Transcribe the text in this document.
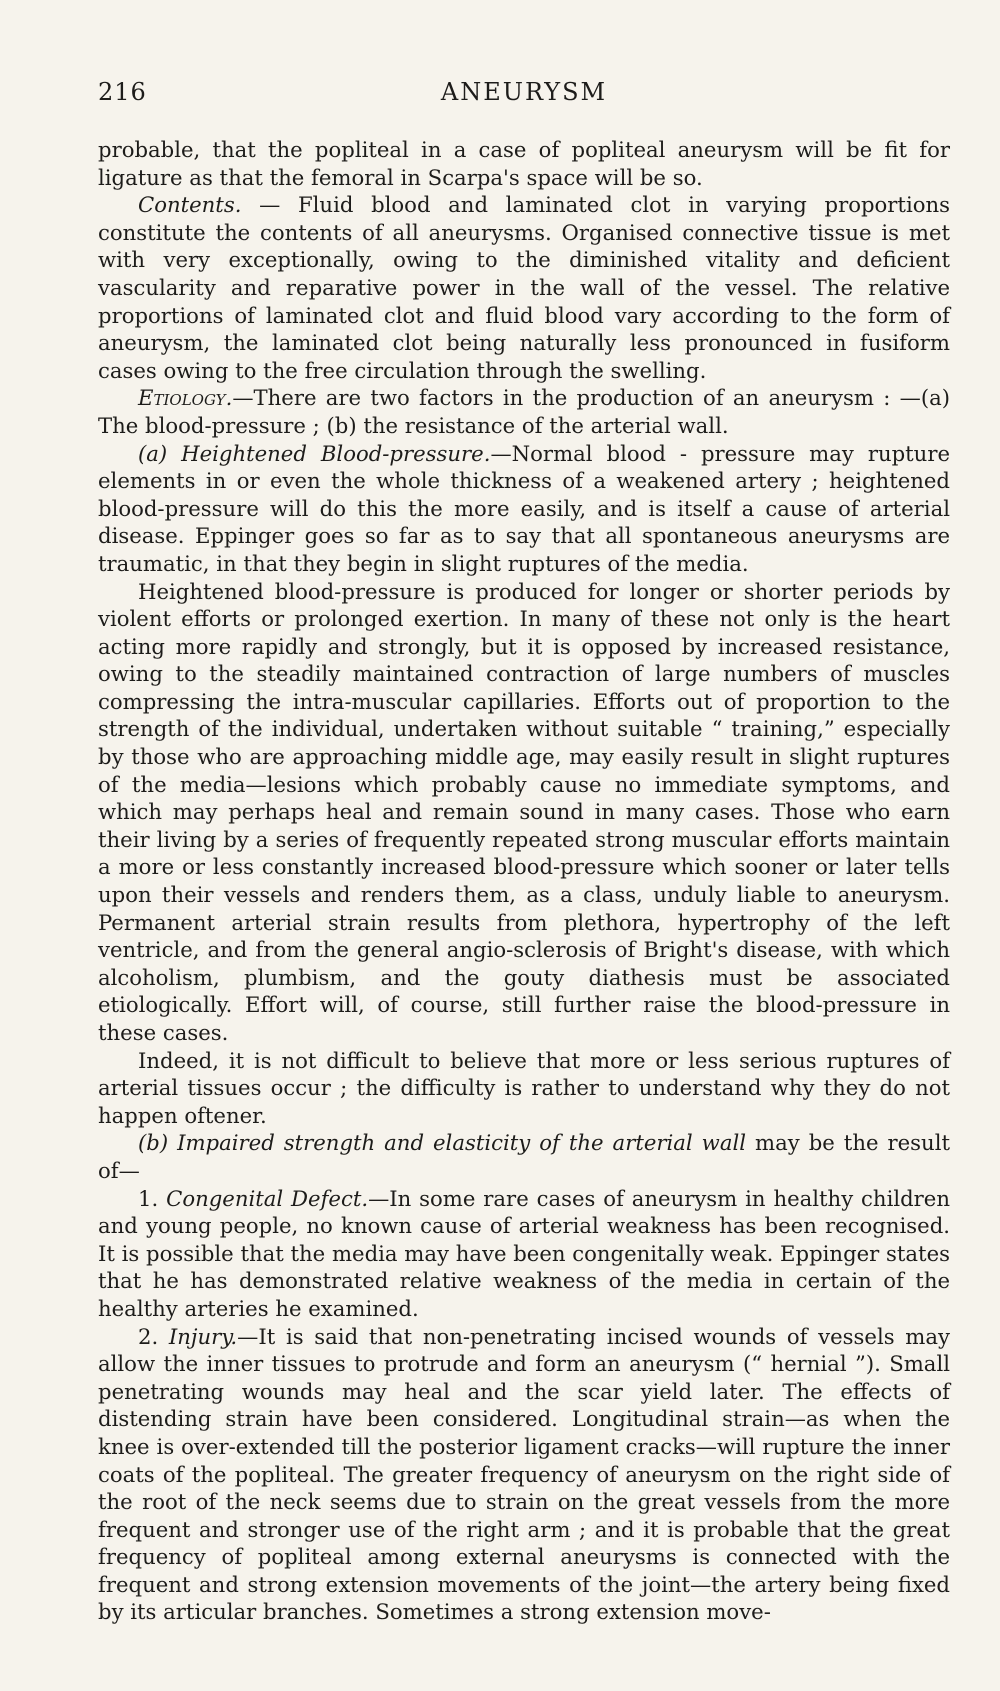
216	ANEURYSM

probable, that the popliteal in a case of popliteal aneurysm will be fit for ligature as that the femoral in Scarpa's space will be so.

Contents. — Fluid blood and laminated clot in varying proportions constitute the contents of all aneurysms. Organised connective tissue is met with very exceptionally, owing to the diminished vitality and deficient vascularity and reparative power in the wall of the vessel. The relative proportions of laminated clot and fluid blood vary according to the form of aneurysm, the laminated clot being naturally less pronounced in fusiform cases owing to the free circulation through the swelling.

Etiology.—There are two factors in the production of an aneurysm : —(a) The blood-pressure ; (b) the resistance of the arterial wall.

(a) Heightened Blood-pressure.—Normal blood - pressure may rupture elements in or even the whole thickness of a weakened artery ; heightened blood-pressure will do this the more easily, and is itself a cause of arterial disease. Eppinger goes so far as to say that all spontaneous aneurysms are traumatic, in that they begin in slight ruptures of the media.

Heightened blood-pressure is produced for longer or shorter periods by violent efforts or prolonged exertion. In many of these not only is the heart acting more rapidly and strongly, but it is opposed by increased resistance, owing to the steadily maintained contraction of large numbers of muscles compressing the intra-muscular capillaries. Efforts out of proportion to the strength of the individual, undertaken without suitable “ training,” especially by those who are approaching middle age, may easily result in slight ruptures of the media—lesions which probably cause no immediate symptoms, and which may perhaps heal and remain sound in many cases. Those who earn their living by a series of frequently repeated strong muscular efforts maintain a more or less constantly increased blood-pressure which sooner or later tells upon their vessels and renders them, as a class, unduly liable to aneurysm. Permanent arterial strain results from plethora, hypertrophy of the left ventricle, and from the general angio-sclerosis of Bright's disease, with which alcoholism, plumbism, and the gouty diathesis must be associated etiologically. Effort will, of course, still further raise the blood-pressure in these cases.

Indeed, it is not difficult to believe that more or less serious ruptures of arterial tissues occur ; the difficulty is rather to understand why they do not happen oftener.

(b) Impaired strength and elasticity of the arterial wall may be the result of—

1. Congenital Defect.—In some rare cases of aneurysm in healthy children and young people, no known cause of arterial weakness has been recognised. It is possible that the media may have been congenitally weak. Eppinger states that he has demonstrated relative weakness of the media in certain of the healthy arteries he examined.

2. Injury.—It is said that non-penetrating incised wounds of vessels may allow the inner tissues to protrude and form an aneurysm (“ hernial ”). Small penetrating wounds may heal and the scar yield later. The effects of distending strain have been considered. Longitudinal strain—as when the knee is over-extended till the posterior ligament cracks—will rupture the inner coats of the popliteal. The greater frequency of aneurysm on the right side of the root of the neck seems due to strain on the great vessels from the more frequent and stronger use of the right arm ; and it is probable that the great frequency of popliteal among external aneurysms is connected with the frequent and strong extension movements of the joint—the artery being fixed by its articular branches. Sometimes a strong extension move-
